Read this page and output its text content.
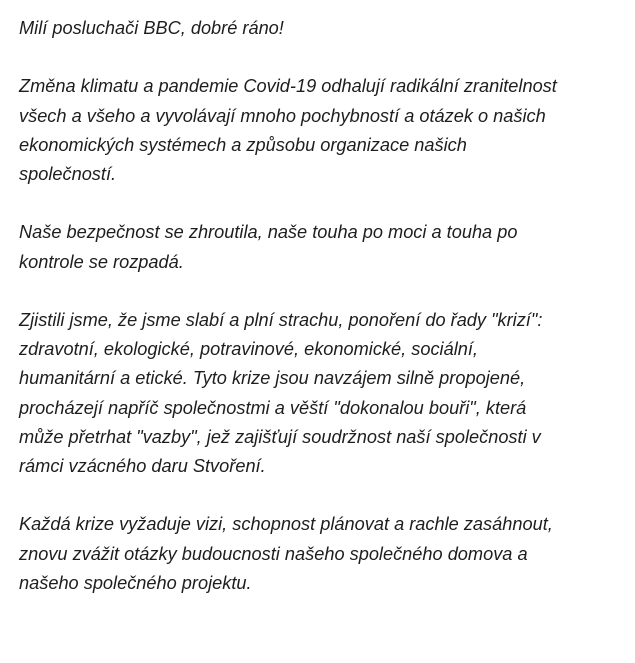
Milí posluchači BBC, dobré ráno!

Změna klimatu a pandemie Covid-19 odhalují radikální zranitelnost
všech a všeho a vyvolávají mnoho pochybností a otázek o našich
ekonomických systémech a způsobu organizace našich
společností.

Naše bezpečnost se zhroutila, naše touha po moci a touha po
kontrole se rozpadá.

Zjistili jsme, že jsme slabí a plní strachu, ponoření do řady "krizí":
zdravotní, ekologické, potravinové, ekonomické, sociální,
humanitární a etické. Tyto krize jsou navzájem silně propojené,
procházejí napříč společnostmi a věští "dokonalou bouři", která
může přetrhat "vazby", jež zajišťují soudržnost naší společnosti v
rámci vzácného daru Stvoření.

Každá krize vyžaduje vizi, schopnost plánovat a rachle zasáhnout,
znovu zvážit otázky budoucnosti našeho společného domova a
našeho společného projektu.
